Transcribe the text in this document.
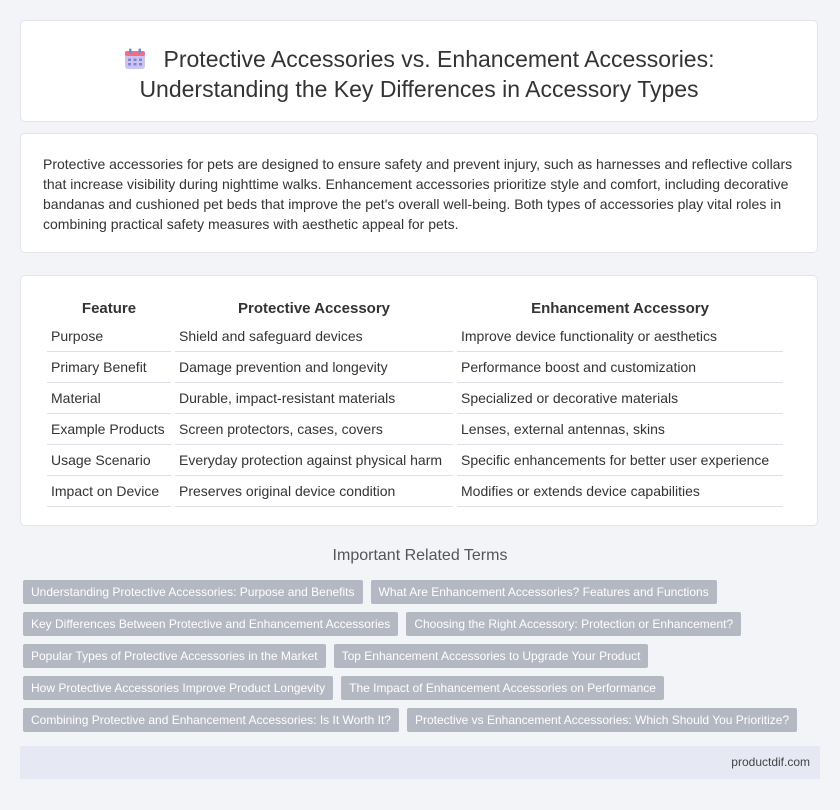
Protective Accessories vs. Enhancement Accessories:
Understanding the Key Differences in Accessory Types

Protective accessories for pets are designed to ensure safety and prevent injury, such as harnesses and reflective collars that increase visibility during nighttime walks. Enhancement accessories prioritize style and comfort, including decorative bandanas and cushioned pet beds that improve the pet's overall well-being. Both types of accessories play vital roles in combining practical safety measures with aesthetic appeal for pets.

Feature	Protective Accessory	Enhancement Accessory
Purpose	Shield and safeguard devices	Improve device functionality or aesthetics
Primary Benefit	Damage prevention and longevity	Performance boost and customization
Material	Durable, impact-resistant materials	Specialized or decorative materials
Example Products	Screen protectors, cases, covers	Lenses, external antennas, skins
Usage Scenario	Everyday protection against physical harm	Specific enhancements for better user experience
Impact on Device	Preserves original device condition	Modifies or extends device capabilities
Important Related Terms
Understanding Protective Accessories: Purpose and Benefits What Are Enhancement Accessories? Features and Functions
Key Differences Between Protective and Enhancement Accessories Choosing the Right Accessory: Protection or Enhancement?
Popular Types of Protective Accessories in the Market Top Enhancement Accessories to Upgrade Your Product
How Protective Accessories Improve Product Longevity The Impact of Enhancement Accessories on Performance
Combining Protective and Enhancement Accessories: Is It Worth It? Protective vs Enhancement Accessories: Which Should You Prioritize?
productdif.com
